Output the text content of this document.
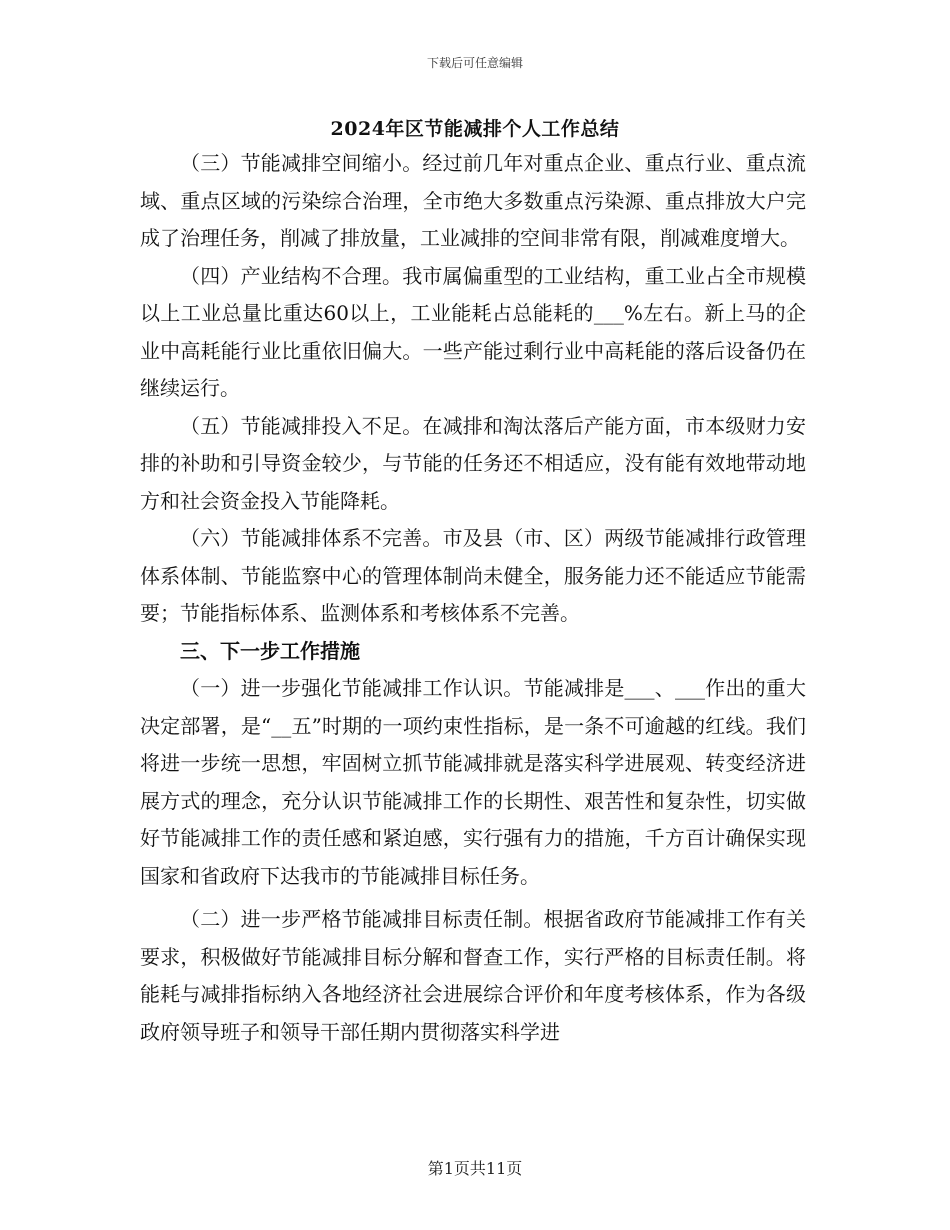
下载后可任意编辑
2024年区节能减排个人工作总结

（三）节能减排空间缩小。经过前几年对重点企业、重点行业、重点流域、重点区域的污染综合治理，全市绝大多数重点污染源、重点排放大户完成了治理任务，削减了排放量，工业减排的空间非常有限，削减难度增大。

（四）产业结构不合理。我市属偏重型的工业结构，重工业占全市规模以上工业总量比重达60以上，工业能耗占总能耗的___%左右。新上马的企业中高耗能行业比重依旧偏大。一些产能过剩行业中高耗能的落后设备仍在继续运行。

（五）节能减排投入不足。在减排和淘汰落后产能方面，市本级财力安排的补助和引导资金较少，与节能的任务还不相适应，没有能有效地带动地方和社会资金投入节能降耗。

（六）节能减排体系不完善。市及县（市、区）两级节能减排行政管理体系体制、节能监察中心的管理体制尚未健全，服务能力还不能适应节能需要；节能指标体系、监测体系和考核体系不完善。

三、下一步工作措施

（一）进一步强化节能减排工作认识。节能减排是___、___作出的重大决定部署，是“__五”时期的一项约束性指标，是一条不可逾越的红线。我们将进一步统一思想，牢固树立抓节能减排就是落实科学进展观、转变经济进展方式的理念，充分认识节能减排工作的长期性、艰苦性和复杂性，切实做好节能减排工作的责任感和紧迫感，实行强有力的措施，千方百计确保实现国家和省政府下达我市的节能减排目标任务。

（二）进一步严格节能减排目标责任制。根据省政府节能减排工作有关要求，积极做好节能减排目标分解和督查工作，实行严格的目标责任制。将能耗与减排指标纳入各地经济社会进展综合评价和年度考核体系，作为各级政府领导班子和领导干部任期内贯彻落实科学进

第1页共11页
